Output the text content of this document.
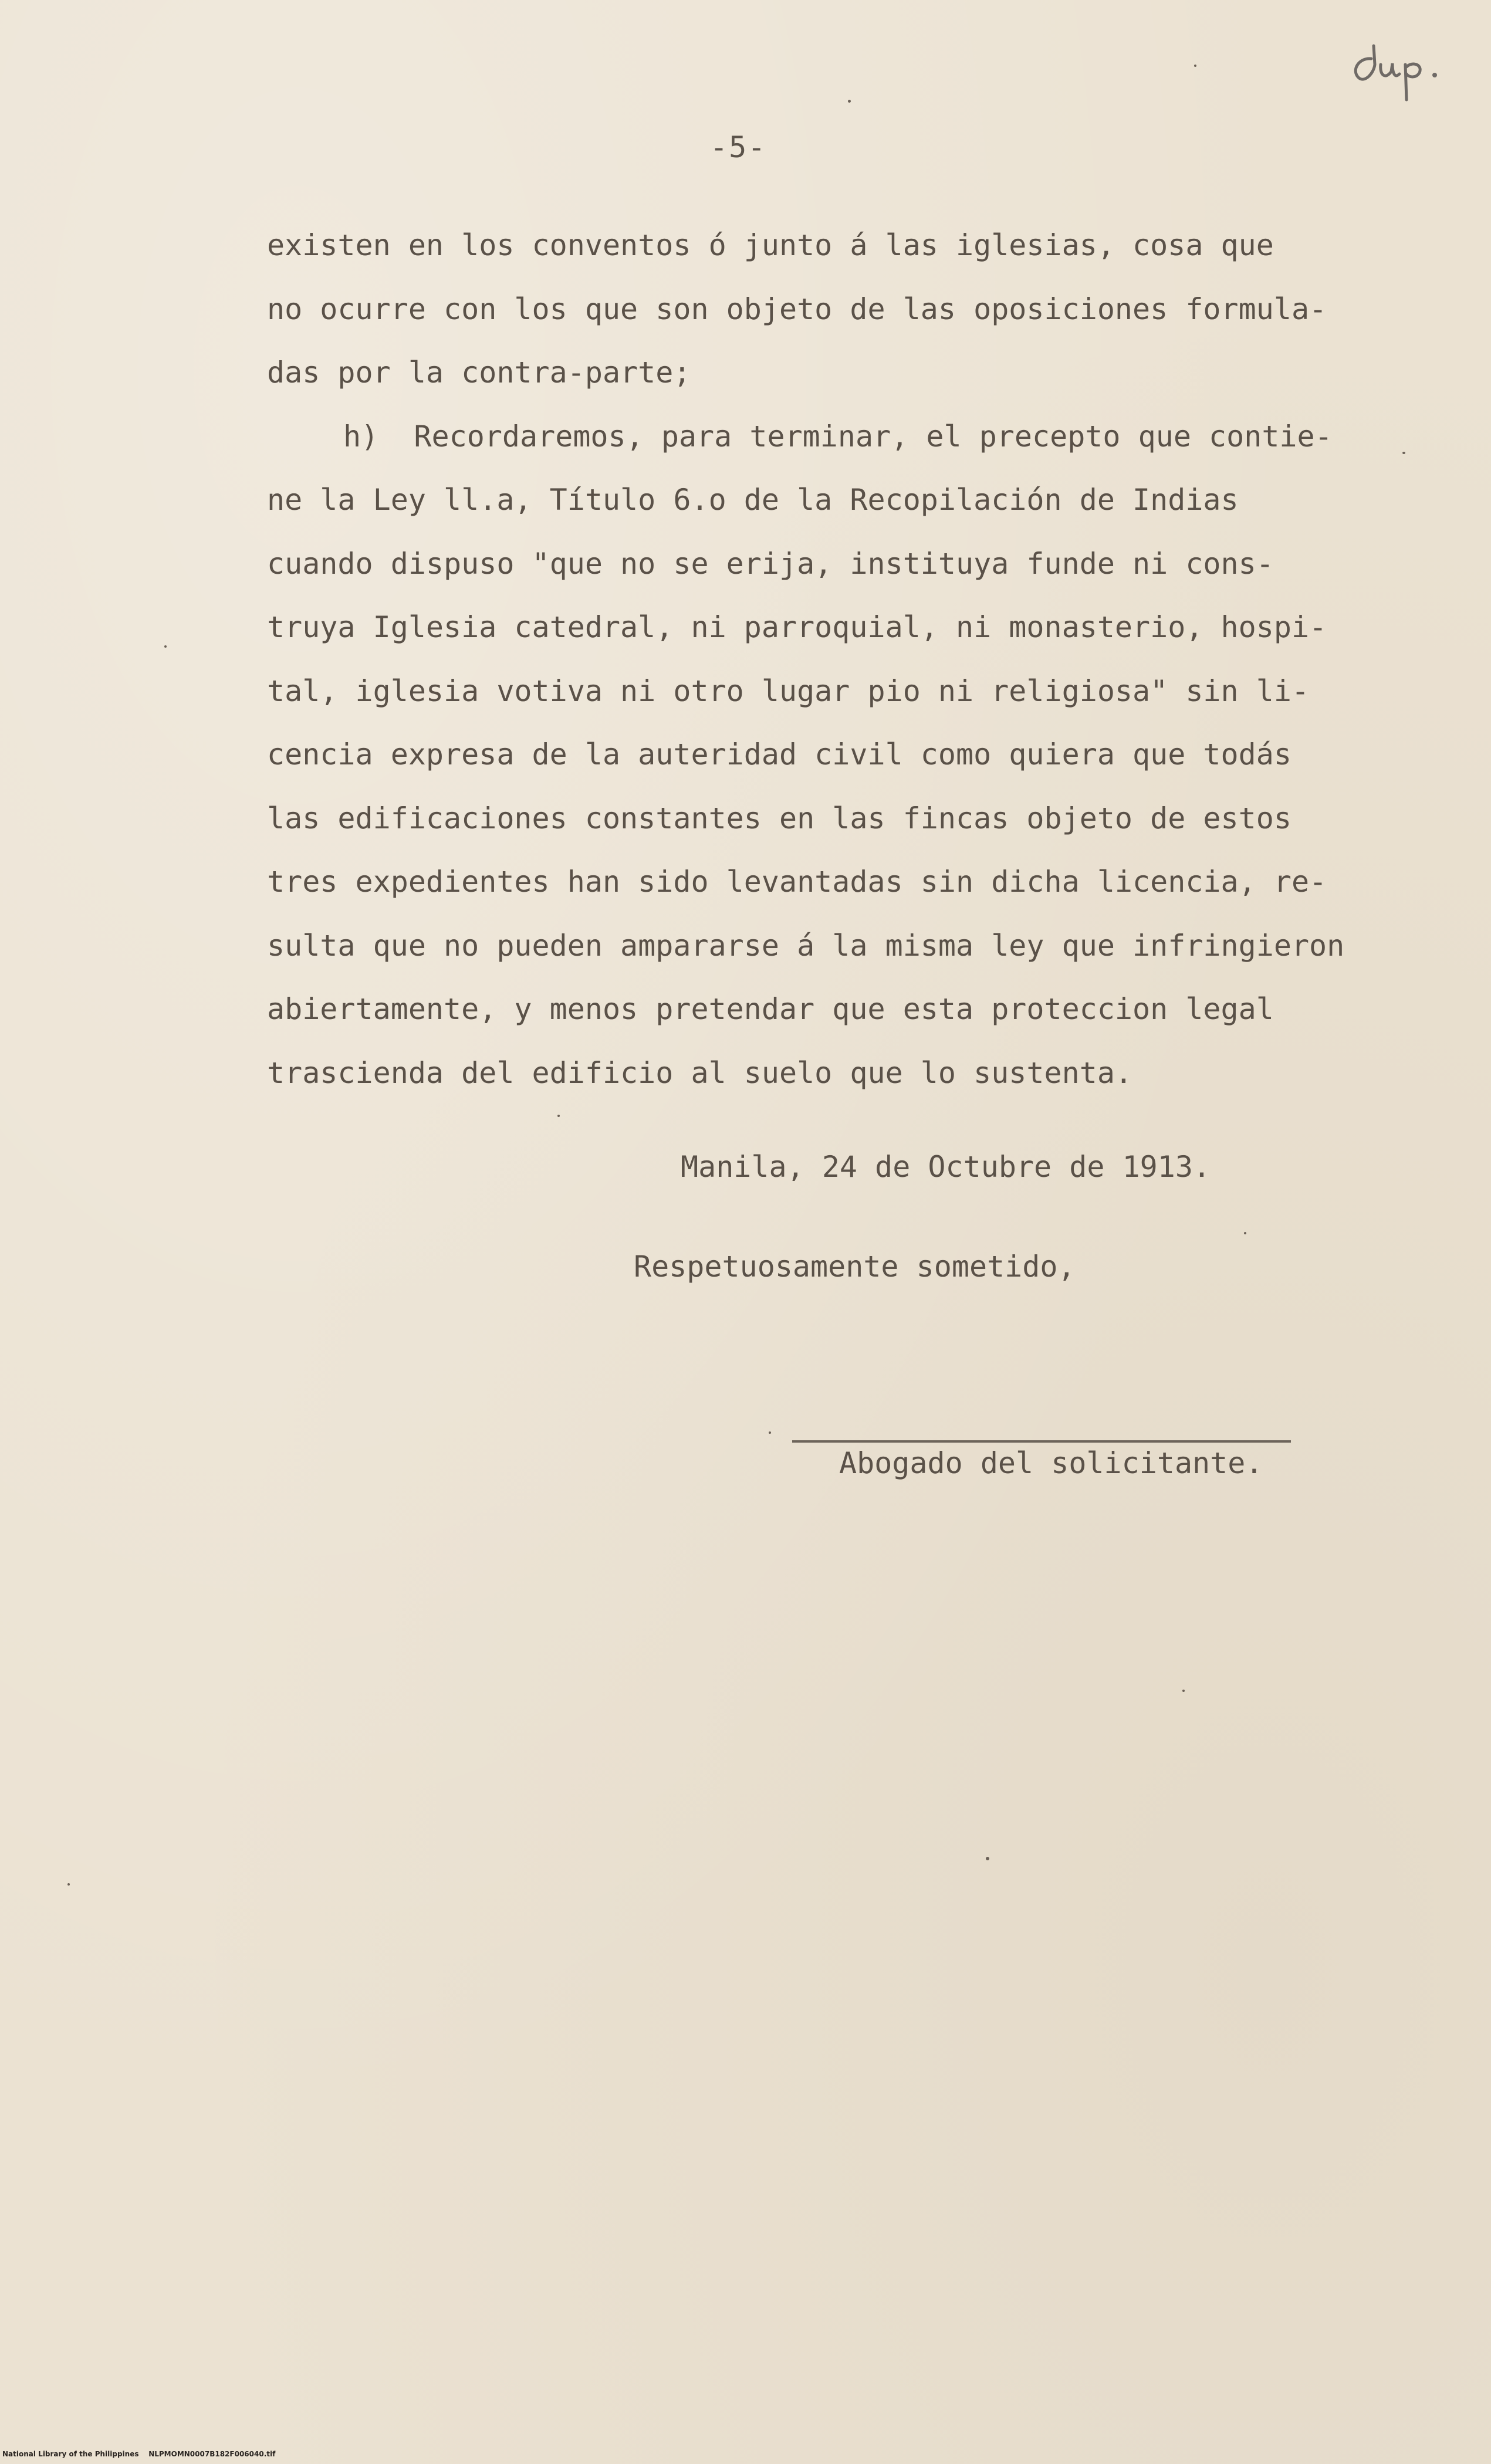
-5-
existen en los conventos ó junto á las iglesias, cosa que
no ocurre con los que son objeto de las oposiciones formula-
das por la contra-parte;
h)  Recordaremos, para terminar, el precepto que contie-
ne la Ley ll.a, Título 6.o de la Recopilación de Indias
cuando dispuso "que no se erija, instituya funde ni cons-
truya Iglesia catedral, ni parroquial, ni monasterio, hospi-
tal, iglesia votiva ni otro lugar pio ni religiosa" sin li-
cencia expresa de la auteridad civil como quiera que todás
las edificaciones constantes en las fincas objeto de estos
tres expedientes han sido levantadas sin dicha licencia, re-
sulta que no pueden ampararse á la misma ley que infringieron
abiertamente, y menos pretendar que esta proteccion legal
trascienda del edificio al suelo que lo sustenta.
Manila, 24 de Octubre de 1913.
Respetuosamente sometido,
Abogado del solicitante.
National Library of the Philippines    NLPMOMN0007B182F006040.tif
